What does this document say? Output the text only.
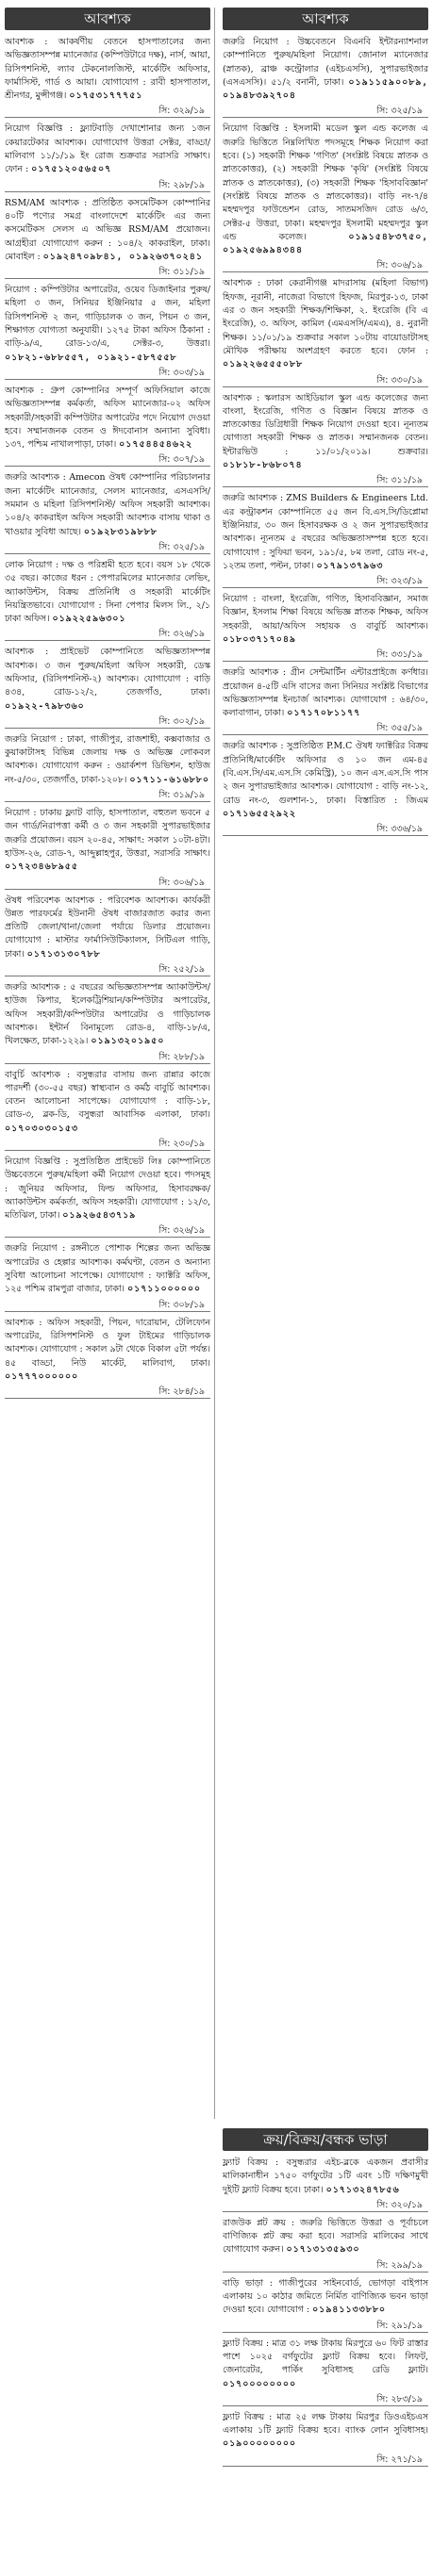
আবশ্যক

আবশ্যক : আকর্ষণীয় বেতনে হাসপাতালের জন্য অভিজ্ঞতাসম্পন্ন ম্যানেজার (কম্পিউটারে দক্ষ), নার্স, আয়া, রিসিপশনিস্ট, ল্যাব টেকনোলজিস্ট, মার্কেটিং অফিসার, ফার্মাসিস্ট, গার্ড ও আয়া। যোগাযোগ : রাবী হাসপাতাল, শ্রীনগর, মুন্সীগঞ্জ। ০১৭৫৩১৭৭৭৫১

সি: ৩২৯/১৯

নিয়োগ বিজ্ঞপ্তি : ফ্ল্যাটবাড়ি দেখাশোনার জন্য ১জন কেয়ারটেকার আবশ্যক। যোগাযোগ উত্তরা সেক্টর, বাড্ডা/মালিবাগ ১১/১/১৯ ইং রোজ শুক্রবার সরাসরি সাক্ষাৎ। ফোন : ০১৭৫১২০৫৬৫০৭

সি: ২৯৮/১৯

RSM/AM আবশ্যক : প্রতিষ্ঠিত কসমেটিকস কোম্পানির ৪০টি পণ্যের সমগ্র বাংলাদেশে মার্কেটিং এর জন্য কসমেটিকস সেলস এ অভিজ্ঞ RSM/AM প্রয়োজন। আগ্রহীরা যোগাযোগ করুন : ১০৪/২ কাকরাইল, ঢাকা। মোবাইল : ০১৯২৪৭০৯৮৪১, ০১৯২৬৩৭০২৪১

সি: ৩১১/১৯

নিয়োগ : কম্পিউটার অপারেটর, ওয়েব ডিজাইনার পুরুষ/মহিলা ৩ জন, সিনিয়র ইঞ্জিনিয়ার ৫ জন, মহিলা রিসিপশনিস্ট ২ জন, গাড়িচালক ৩ জন, পিয়ন ৩ জন, শিক্ষাগত যোগ্যতা অনুযায়ী। ১২৭৫ টাকা অফিস ঠিকানা : বাড়ি-৯/এ, রোড-১৩/এ, সেক্টর-৩, উত্তরা। ০১৮২১-৬৮৮৫৫৭, ০১৯২১-৫৮৭৫৫৮

সি: ৩০৩/১৯

আবশ্যক : গ্রুপ কোম্পানির সম্পূর্ণ অফিসিয়াল কাজে অভিজ্ঞতাসম্পন্ন কর্মকর্তা, অফিস ম্যানেজার-০২ অফিস সহকারী/সহকারী কম্পিউটার অপারেটর পদে নিয়োগ দেওয়া হবে। সম্মানজনক বেতন ও ঈদবোনাস অন্যান্য সুবিধা। ১৩৭, পশ্চিম নাখালপাড়া, ঢাকা। ০১৭৫৪৪৫৪৬২২

সি: ৩০৭/১৯

জরুরি আবশ্যক : Amecon ঔষধ কোম্পানির পরিচালনার জন্য মার্কেটিং ম্যানেজার, সেলস ম্যানেজার, এসএসসি/ সমমান ও মহিলা রিসিপশনিস্ট/ অফিস সহকারী আবশ্যক। ১০৪/২ কাকরাইল অফিস সহকারী আবশ্যক বাসায় থাকা ও খাওয়ার সুবিধা আছে। ০১৯২৮৩১৯৮৮৮

সি: ৩২৫/১৯

লোক নিয়োগ : দক্ষ ও পরিশ্রমী হতে হবে। বয়স ১৮ থেকে ৩৫ বছর। কাজের ধরন : পেপারমিলের ম্যানেজার লেভিং, অ্যাকাউন্টস, বিক্রয় প্রতিনিধি ও সহকারী মার্কেটিং নিয়ন্ত্রিতভাবে। যোগাযোগ : সিনা পেপার মিলস লি., ২/১ ঢাকা অফিস। ০১৯২২৫৯৬৩০১

সি: ৩২৬/১৯

আবশ্যক : প্রাইভেট কোম্পানিতে অভিজ্ঞতাসম্পন্ন আবশ্যক। ৩ জন পুরুষ/মহিলা অফিস সহকারী, ডেস্ক অফিসার, (রিসিপশনিস্ট-২) আবশ্যক। যোগাযোগ : বাড়ি ৪৩৪, রোড-১২/২, তেজগাঁও, ঢাকা। ০১৯২২-৭৯৮৩৬০

সি: ৩০২/১৯

জরুরি নিয়োগ : ঢাকা, গাজীপুর, রাজশাহী, কক্সবাজার ও কুয়াকাটাসহ বিভিন্ন জেলায় দক্ষ ও অভিজ্ঞ লোকবল আবশ্যক। যোগাযোগ করুন : ওয়ার্কশপ ডিভিশন, হাউজ নং-৫/৩০, তেজগাঁও, ঢাকা-১২০৮। ০১৭১১-৬১৬৮৮০

সি: ৩১৯/১৯

নিয়োগ : ঢাকায় ফ্ল্যাট বাড়ি, হাসপাতাল, বহুতল ভবনে ৫ জন গার্ড/নিরাপত্তা কর্মী ও ৩ জন সহকারী সুপারভাইজার জরুরি প্রয়োজন। বয়স ২০-৪৫, সাক্ষাৎ: সকাল ১০টা-৪টা। হাউস-২৬, রোড-৭, আব্দুল্লাহপুর, উত্তরা, সরাসরি সাক্ষাৎ। ০১৭২৩৪৬৮৯৫৫

সি: ৩০৬/১৯

ঔষধ পরিবেশক আবশ্যক : পরিবেশক আবশ্যক। কার্যকরী উন্নত পারফর্মের ইউনানী ঔষধ বাজারজাত করার জন্য প্রতিটি জেলা/থানা/জেলা পর্যায়ে ডিলার প্রয়োজন। যোগাযোগ : মাস্টার ফার্মাসিউটিক্যালস, সিটিএল গাড়ি, ঢাকা। ০১৭১৩১৩০৭৮৮

সি: ২৫২/১৯

জরুরি আবশ্যক : ৫ বছরের অভিজ্ঞতাসম্পন্ন অ্যাকাউন্টস/হাউজ কিপার, ইলেকট্রিশিয়ান/কম্পিউটার অপারেটর, অফিস সহকারী/কম্পিউটার অপারেটর ও গাড়িচালক আবশ্যক। ইন্টার্ন বিনামূল্যে রোড-৪, বাড়ি-১৮/এ, খিলক্ষেত, ঢাকা-১২২৯। ০১৯১৩২০১৯৫০

সি: ২৮৮/১৯

বাবুর্চি আবশ্যক : বসুন্ধরার বাসায় জন্য রান্নার কাজে পারদর্শী (৩০-৫৫ বছর) স্বাস্থ্যবান ও কর্মঠ বাবুর্চি আবশ্যক। বেতন আলোচনা সাপেক্ষে। যোগাযোগ : বাড়ি-১৮, রোড-৩, ব্লক-ডি, বসুন্ধরা আবাসিক এলাকা, ঢাকা। ০১৭০৩০৩০১৫৩

সি: ২৩০/১৯

নিয়োগ বিজ্ঞপ্তি : সুপ্রতিষ্ঠিত প্রাইভেট লিঃ কোম্পানিতে উচ্চবেতনে পুরুষ/মহিলা কর্মী নিয়োগ দেওয়া হবে। পদসমূহ : জুনিয়র অফিসার, ফিল্ড অফিসার, হিসাবরক্ষক/অ্যাকাউন্টস কর্মকর্তা, অফিস সহকারী। যোগাযোগ : ১২/৩, মতিঝিল, ঢাকা। ০১৯২৬৫৪৩৭১৯

সি: ৩২৬/১৯

জরুরি নিয়োগ : রঙ্গনীতে পোশাক শিল্পের জন্য অভিজ্ঞ অপারেটর ও হেল্পার আবশ্যক। কর্মঘণ্টা, বেতন ও অন্যান্য সুবিধা আলোচনা সাপেক্ষে। যোগাযোগ : ফ্যাক্টরি অফিস, ১২৫ পশ্চিম রামপুরা বাজার, ঢাকা। ০১৭১১০০০০০০

সি: ৩০৮/১৯

আবশ্যক : অফিস সহকারী, পিয়ন, দারোয়ান, টেলিফোন অপারেটর, রিসিপশনিস্ট ও ফুল টাইমের গাড়িচালক আবশ্যক। যোগাযোগ : সকাল ৯টা থেকে বিকাল ৫টা পর্যন্ত। ৪৫ বাড্ডা, নিউ মার্কেট, মালিবাগ, ঢাকা। ০১৭৭৭০০০০০০

সি: ২৮৪/১৯
আবশ্যক

জরুরি নিয়োগ : উচ্চবেতনে বিএনবি ইন্টারন্যাশনাল কোম্পানিতে পুরুষ/মহিলা নিয়োগ। জোনাল ম্যানেজার (স্নাতক), ব্রাঞ্চ কন্ট্রোলার (এইচএসসি), সুপারভাইজার (এসএসসি)। ৫১/২ বনানী, ঢাকা। ০১৯১১৫৯০০৮৯, ০১৯৪৮৩৯২৭০৪

সি: ৩২৫/১৯

নিয়োগ বিজ্ঞপ্তি : ইসলামী মডেল স্কুল এন্ড কলেজ এ জরুরি ভিত্তিতে নিম্নলিখিত পদসমূহে শিক্ষক নিয়োগ করা হবে। (১) সহকারী শিক্ষক 'গণিত' (সংশ্লিষ্ট বিষয়ে স্নাতক ও স্নাতকোত্তর), (২) সহকারী শিক্ষক 'কৃষি' (সংশ্লিষ্ট বিষয়ে স্নাতক ও স্নাতকোত্তর), (৩) সহকারী শিক্ষক 'হিসাববিজ্ঞান' (সংশ্লিষ্ট বিষয়ে স্নাতক ও স্নাতকোত্তর)। বাড়ি নং-৭/৪ মহম্মদপুর ফাউন্ডেশন রোড, সাতমসজিদ রোড ৬/৩, সেক্টর-৫ উত্তরা, ঢাকা। মহম্মদপুর ইসলামী মহম্মদপুর স্কুল এন্ড কলেজ।	০১৯১৫৪৮৩৭৫০, ০১৯২৫৬৯৯৪৩৪৪

সি: ৩০৬/১৯

আবশ্যক : ঢাকা কেরানীগঞ্জ মাদরাসায় (মহিলা বিভাগ) হিফজ, নূরানী, নাজেরা বিভাগে হিফজ, মিরপুর-১৩, ঢাকা এর ৩ জন সহকারী শিক্ষক/শিক্ষিকা, ২. ইংরেজি (বি এ ইংরেজি), ৩. অফিস, কামিল (এমএসসি/এমএ), ৪. নুরানী শিক্ষক। ১১/০১/১৯ শুক্রবার সকাল ১০টায় বায়োডাটাসহ মৌখিক পরীক্ষায় অংশগ্রহণ করতে হবে। ফোন : ০১৯২২৬৫৫৫০৮৮

সি: ৩৩০/১৯

আবশ্যক : স্কলারস আইডিয়াল স্কুল এন্ড কলেজের জন্য বাংলা, ইংরেজি, গণিত ও বিজ্ঞান বিষয়ে স্নাতক ও স্নাতকোত্তর ডিগ্রিধারী শিক্ষক নিয়োগ দেওয়া হবে। নূন্যতম যোগ্যতা সহকারী শিক্ষক ও স্নাতক। সম্মানজনক বেতন। ইন্টারভিউ : ১১/০১/২০১৯। শুক্রবার। ০১৮১৮-৮৬৮০৭৪

সি: ৩১১/১৯

জরুরি আবশ্যক : ZMS Builders & Engineers Ltd. এর কন্ট্রাকশন কোম্পানিতে ৫৫ জন বি.এস.সি/ডিপ্লোমা ইঞ্জিনিয়ার, ৩০ জন হিসাবরক্ষক ও ২ জন সুপারভাইজার আবশ্যক। ন্যূনতম ৫ বছরের অভিজ্ঞতাসম্পন্ন হতে হবে। যোগাযোগ : সুফিয়া ভবন, ১৯১/৫, ৮ম তলা, রোড নং-৫, ১২তম তলা, পল্টন, ঢাকা। ০১৭৯১৩৭৯৬৩

সি: ৩২৩/১৯

নিয়োগ : বাংলা, ইংরেজি, গণিত, হিসাববিজ্ঞান, সমাজ বিজ্ঞান, ইসলাম শিক্ষা বিষয়ে অভিজ্ঞ স্নাতক শিক্ষক, অফিস সহকারী, আয়া/অফিস সহায়ক ও বাবুর্চি আবশ্যক। ০১৮০৩৭১৭০৪৯

সি: ৩৩১/১৯

জরুরি আবশ্যক : গ্রীন সেন্টমার্টিন এন্টারপ্রাইজে কর্ণধার। প্রয়োজন ৪-৫টি এসি বাসের জন্য সিনিয়র সংশ্লিষ্ট বিভাগের অভিজ্ঞতাসম্পন্ন ইনচার্জ আবশ্যক। যোগাযোগ : ৬৪/৩০, কলাবাগান, ঢাকা। ০১৭১৭০৮১১৭৭

সি: ৩৫৫/১৯

জরুরি আবশ্যক : সুপ্রতিষ্ঠিত P.M.C ঔষধ ফ্যাক্টরির বিক্রয় প্রতিনিধি/মার্কেটিং অফিসার ও ১০ জন এম-৪৫ (বি.এস.সি/এম.এস.সি কেমিস্ট্রি), ১০ জন এস.এস.সি পাস ২ জন সুপারভাইজার আবশ্যক। যোগাযোগ : বাড়ি নং-১২, রোড নং-৩, গুলশান-১, ঢাকা। বিস্তারিত : জিএম ০১৭১৬৫৫২৯২২

সি: ৩৩৬/১৯
ক্রয়/বিক্রয়/বন্ধক ভাড়া

ফ্ল্যাট বিক্রয় : বসুন্ধরার এইচ-ব্লকে একজন প্রবাসীর মালিকানাধীন ১৭৫০ বর্গফুটের ১টি এবং ১টি দক্ষিণমুখী দুইটি ফ্ল্যাট বিক্রয় হবে। ঢাকা। ০১৭১৩২৪৭৮৫৬

সি: ৩২০/১৯

রাজউক প্লট ক্রয় : জরুরি ভিত্তিতে উত্তরা ও পূর্বাচলে বাণিজ্যিক প্লট ক্রয় করা হবে। সরাসরি মালিকের সাথে যোগাযোগ করুন। ০১৭১৩১৩৫৯৩০

সি: ২৯৯/১৯

বাড়ি ভাড়া : গাজীপুরের সাইনবোর্ড, ভোগড়া বাইপাস এলাকায় ১০ কাঠার জমিতে নির্মিত বাণিজ্যিক ভবন ভাড়া দেওয়া হবে। যোগাযোগ : ০১৯৪১১৩৩৮৮০

সি: ২৯১/১৯

ফ্ল্যাট বিক্রয় : মাত্র ৩১ লক্ষ টাকায় মিরপুরে ৬০ ফিট রাস্তার পাশে ১০২৫ বর্গফুটের ফ্ল্যাট বিক্রয় হবে। লিফট, জেনারেটর, পার্কিং সুবিধাসহ রেডি ফ্ল্যাট। ০১৭০০০০০০০০

সি: ২৮৩/১৯

ফ্ল্যাট বিক্রয় : মাত্র ২৫ লক্ষ টাকায় মিরপুর ডিওএইচএস এলাকায় ১টি ফ্ল্যাট বিক্রয় হবে। ব্যাংক লোন সুবিধাসহ। ০১৯০০০০০০০০

সি: ২৭১/১৯
